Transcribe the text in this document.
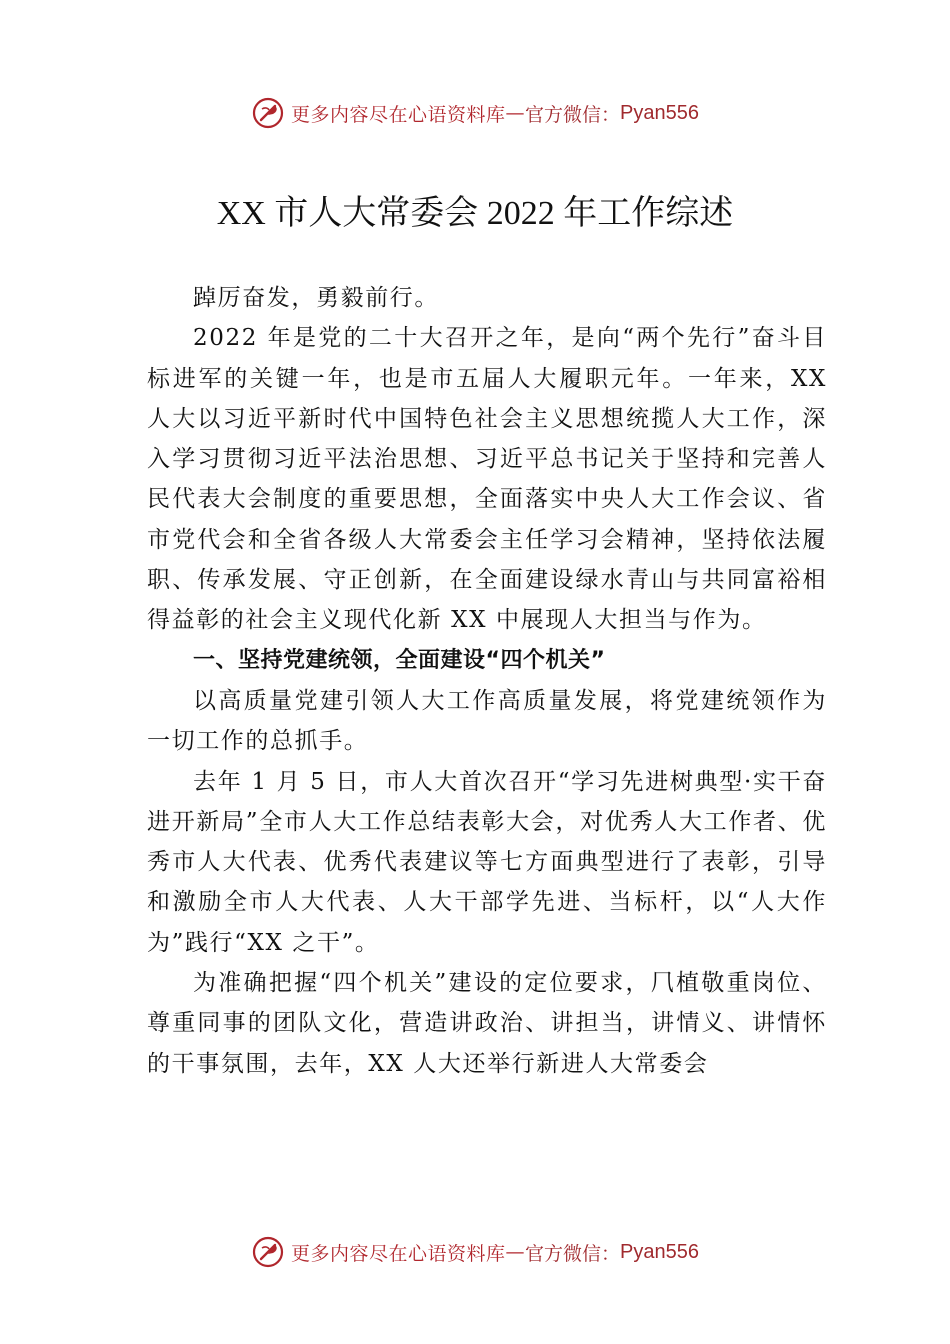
更多内容尽在心语资料库 — 官方微信： Pyan556
XX 市人大常委会 2022 年工作综述

踔厉奋发，勇毅前行。

2022 年是党的二十大召开之年，是向“两个先行”奋斗目标进军的关键一年，也是市五届人大履职元年。一年来，XX 人大以习近平新时代中国特色社会主义思想统揽人大工作，深入学习贯彻习近平法治思想、习近平总书记关于坚持和完善人民代表大会制度的重要思想，全面落实中央人大工作会议、省市党代会和全省各级人大常委会主任学习会精神，坚持依法履职、传承发展、守正创新，在全面建设绿水青山与共同富裕相得益彰的社会主义现代化新 XX 中展现人大担当与作为。

一、坚持党建统领，全面建设“四个机关”

以高质量党建引领人大工作高质量发展，将党建统领作为一切工作的总抓手。

去年 1 月 5 日，市人大首次召开“学习先进树典型·实干奋进开新局”全市人大工作总结表彰大会，对优秀人大工作者、优秀市人大代表、优秀代表建议等七方面典型进行了表彰，引导和激励全市人大代表、人大干部学先进、当标杆，以“人大作为”践行“XX 之干”。

为准确把握“四个机关”建设的定位要求，⺇植敬重岗位、尊重同事的团队文化，营造讲政治、讲担当，讲情义、讲情怀的干事氛围，去年，XX 人大还举行新进人大常委会

更多内容尽在心语资料库 — 官方微信： Pyan556
